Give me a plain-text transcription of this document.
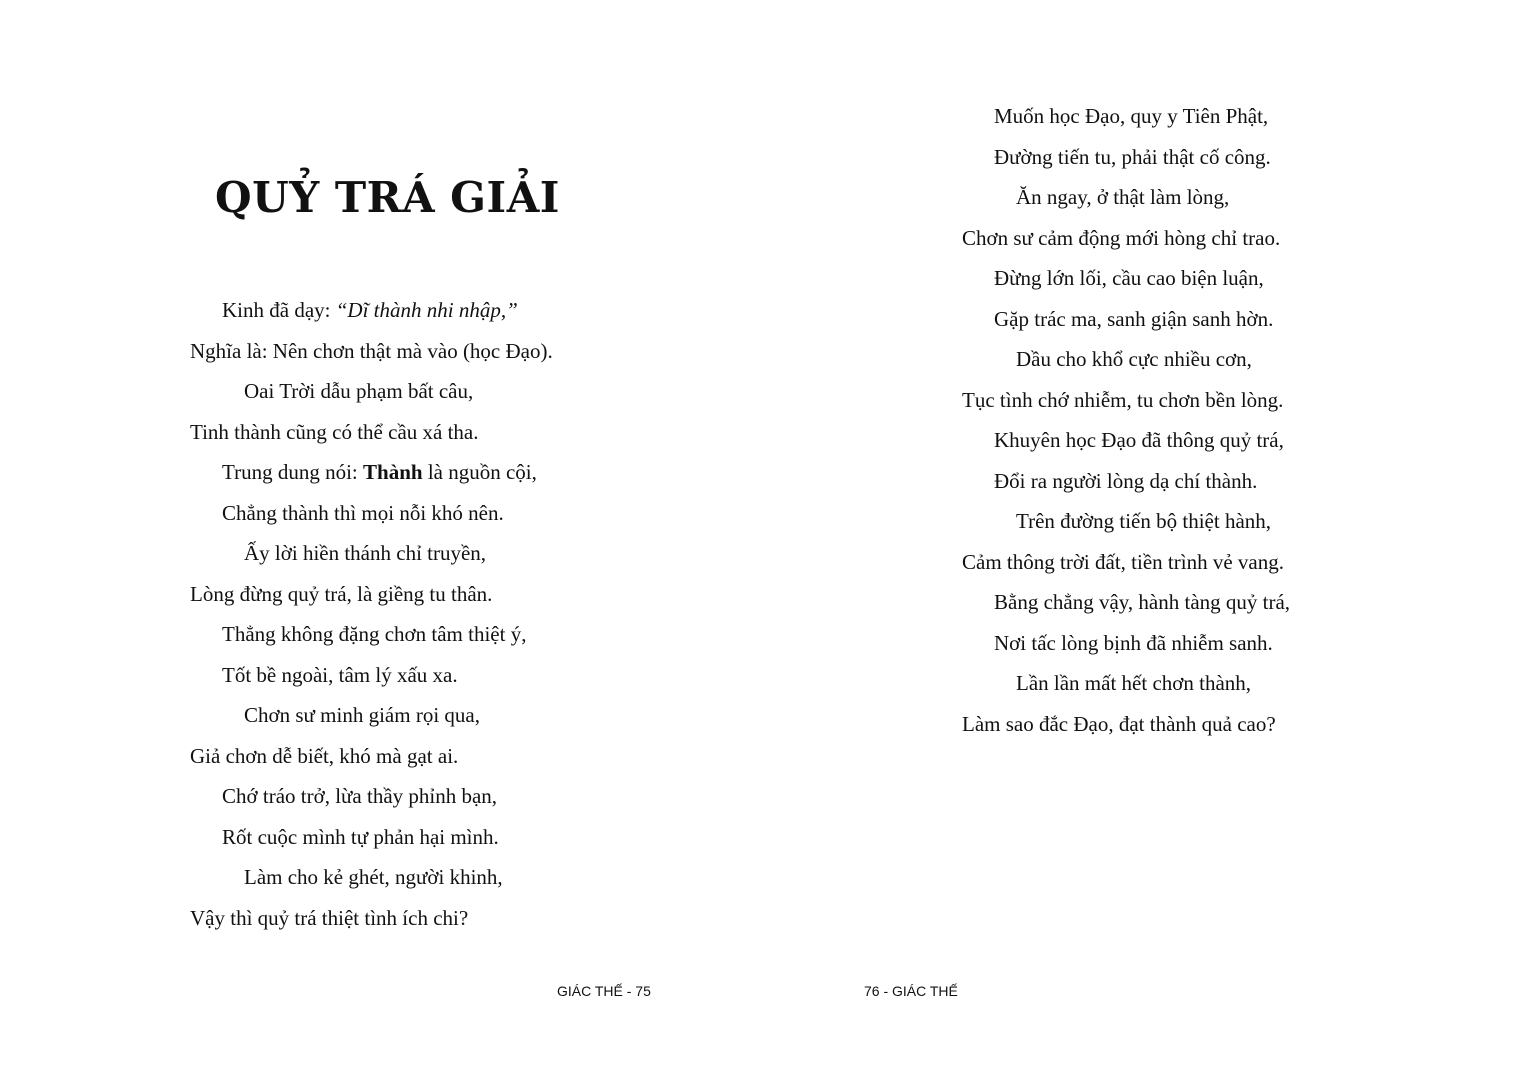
QUỶ TRÁ GIẢI
Kinh đã dạy: “Dĩ thành nhi nhập,”
Nghĩa là: Nên chơn thật mà vào (học Đạo).
Oai Trời dẫu phạm bất câu,
Tinh thành cũng có thể cầu xá tha.
Trung dung nói: Thành là nguồn cội,
Chẳng thành thì mọi nỗi khó nên.
Ấy lời hiền thánh chỉ truyền,
Lòng đừng quỷ trá, là giềng tu thân.
Thẳng không đặng chơn tâm thiệt ý,
Tốt bề ngoài, tâm lý xấu xa.
Chơn sư minh giám rọi qua,
Giả chơn dễ biết, khó mà gạt ai.
Chớ tráo trở, lừa thầy phỉnh bạn,
Rốt cuộc mình tự phản hại mình.
Làm cho kẻ ghét, người khinh,
Vậy thì quỷ trá thiệt tình ích chi?
GIÁC THẾ - 75
Muốn học Đạo, quy y Tiên Phật,
Đường tiến tu, phải thật cố công.
Ăn ngay, ở thật làm lòng,
Chơn sư cảm động mới hòng chỉ trao.
Đừng lớn lối, cầu cao biện luận,
Gặp trác ma, sanh giận sanh hờn.
Dầu cho khổ cực nhiều cơn,
Tục tình chớ nhiễm, tu chơn bền lòng.
Khuyên học Đạo đã thông quỷ trá,
Đổi ra người lòng dạ chí thành.
Trên đường tiến bộ thiệt hành,
Cảm thông trời đất, tiền trình vẻ vang.
Bằng chẳng vậy, hành tàng quỷ trá,
Nơi tấc lòng bịnh đã nhiễm sanh.
Lần lần mất hết chơn thành,
Làm sao đắc Đạo, đạt thành quả cao?
76 - GIÁC THẾ
